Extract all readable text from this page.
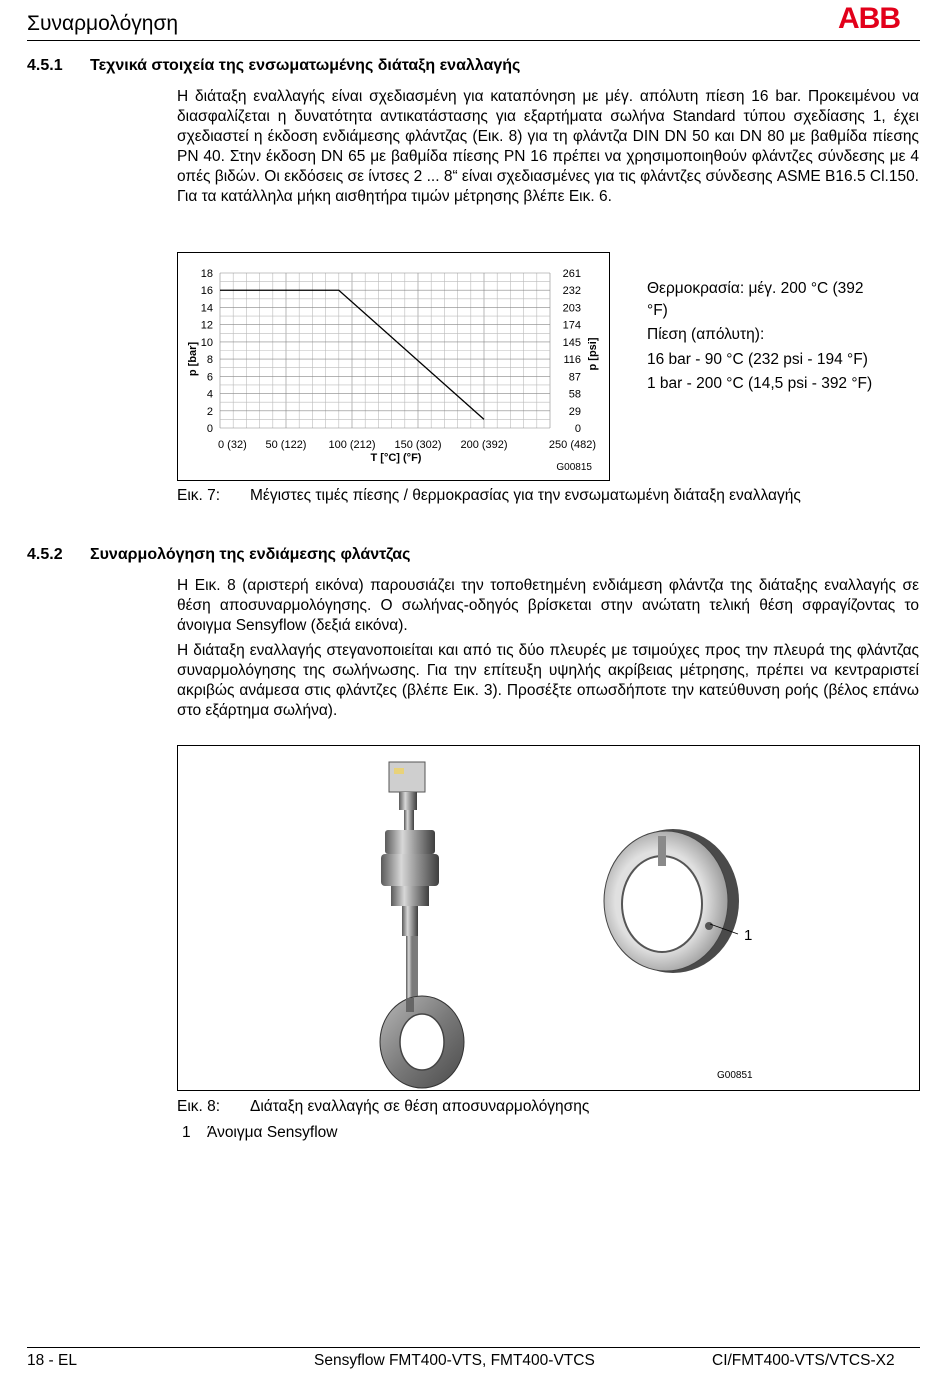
Συναρμολόγηση	ABB
4.5.1 Τεχνικά στοιχεία της ενσωματωμένης διάταξη εναλλαγής
Η διάταξη εναλλαγής είναι σχεδιασμένη για καταπόνηση με μέγ. απόλυτη πίεση 16 bar. Προκειμένου να διασφαλίζεται η δυνατότητα αντικατάστασης για εξαρτήματα σωλήνα Standard τύπου σχεδίασης 1, έχει σχεδιαστεί η έκδοση ενδιάμεσης φλάντζας (Εικ. 8) για τη φλάντζα DIN DN 50 και DN 80 με βαθμίδα πίεσης PN 40. Στην έκδοση DN 65 με βαθμίδα πίεσης PN 16 πρέπει να χρησιμοποιηθούν φλάντζες σύνδεσης με 4 οπές βιδών. Οι εκδόσεις σε ίντσες 2 ... 8“ είναι σχεδιασμένες για τις φλάντζες σύνδεσης ASME B16.5 Cl.150. Για τα κατάλληλα μήκη αισθητήρα τιμών μέτρησης βλέπε Εικ. 6.
0
2
4
6
8
10
12
14
16
18
0
29
58
87
116
145
174
203
232
261
0 (32) 50 (122) 100 (212) 150 (302) 200 (392)	250 (482)
T [°C] (°F)
p [bar]	p [psi]
G00815
Θερμοκρασία: μέγ. 200 °C (392
°F)
Πίεση (απόλυτη):
16 bar - 90 °C (232 psi - 194 °F)
1 bar - 200 °C (14,5 psi - 392 °F)
Εικ. 7: Μέγιστες τιμές πίεσης / θερμοκρασίας για την ενσωματωμένη διάταξη εναλλαγής
4.5.2 Συναρμολόγηση της ενδιάμεσης φλάντζας
Η Εικ. 8 (αριστερή εικόνα) παρουσιάζει την τοποθετημένη ενδιάμεση φλάντζα της διάταξης εναλλαγής σε θέση αποσυναρμολόγησης. Ο σωλήνας-οδηγός βρίσκεται στην ανώτατη τελική θέση σφραγίζοντας το άνοιγμα Sensyflow (δεξιά εικόνα).
Η διάταξη εναλλαγής στεγανοποιείται και από τις δύο πλευρές με τσιμούχες προς την πλευρά της φλάντζας συναρμολόγησης της σωλήνωσης. Για την επίτευξη υψηλής ακρίβειας μέτρησης, πρέπει να κεντραριστεί ακριβώς ανάμεσα στις φλάντζες (βλέπε Εικ. 3). Προσέξτε οπωσδήποτε την κατεύθυνση ροής (βέλος επάνω στο εξάρτημα σωλήνα).
1
G00851
Εικ. 8: Διάταξη εναλλαγής σε θέση αποσυναρμολόγησης
1 Άνοιγμα Sensyflow
18 - EL	Sensyflow FMT400-VTS, FMT400-VTCS	CI/FMT400-VTS/VTCS-X2
